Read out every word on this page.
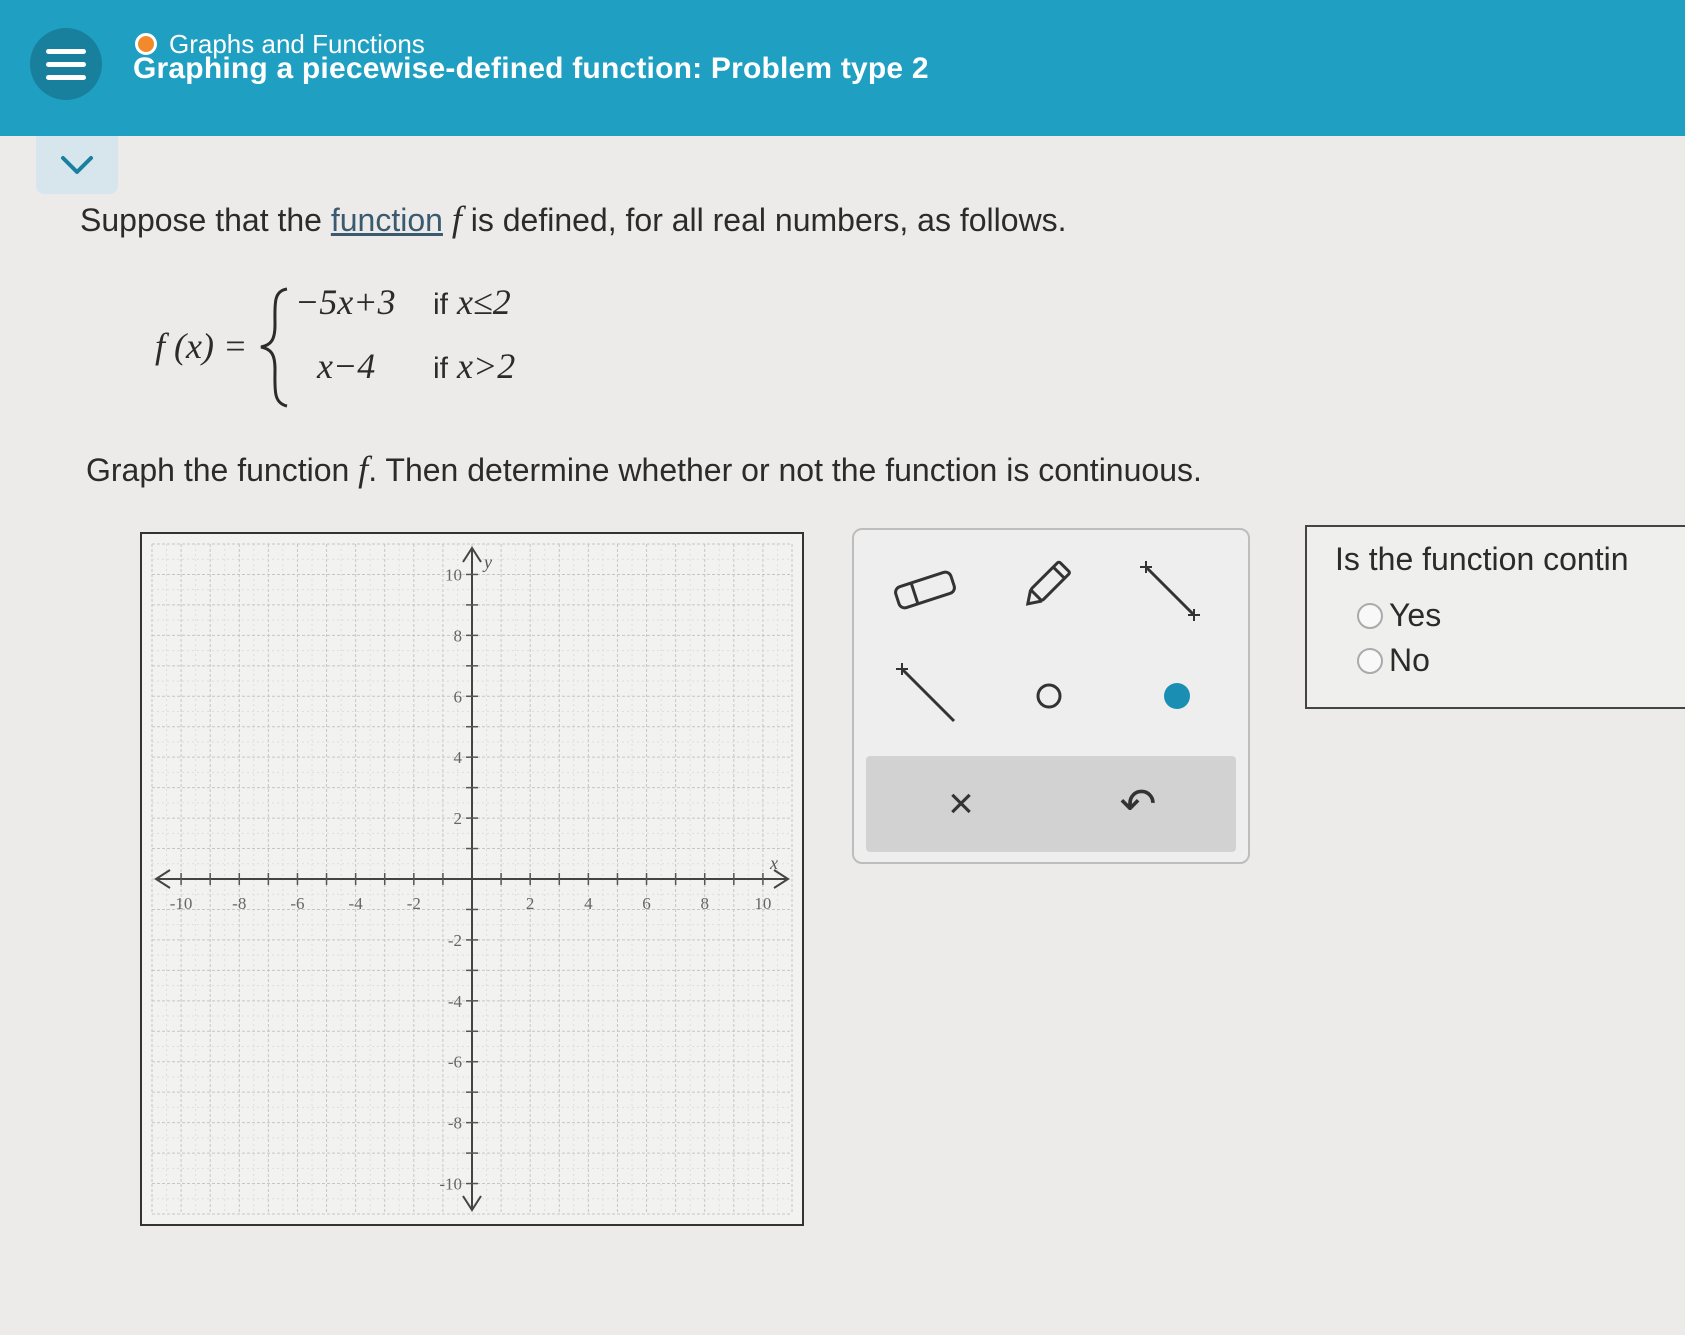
Graphs and Functions
Graphing a piecewise-defined function: Problem type 2
Suppose that the function f is defined, for all real numbers, as follows.
f (x) =
−5x+3 if x≤2
x−4 if x>2
Graph the function f. Then determine whether or not the function is continuous.
-10 -8	-6	-4	-2	2	4	6	8	10
10
8
6
4
2
-2
-4
-6
-8
-10
x
y
×	↶
Is the function contin
Yes
No
